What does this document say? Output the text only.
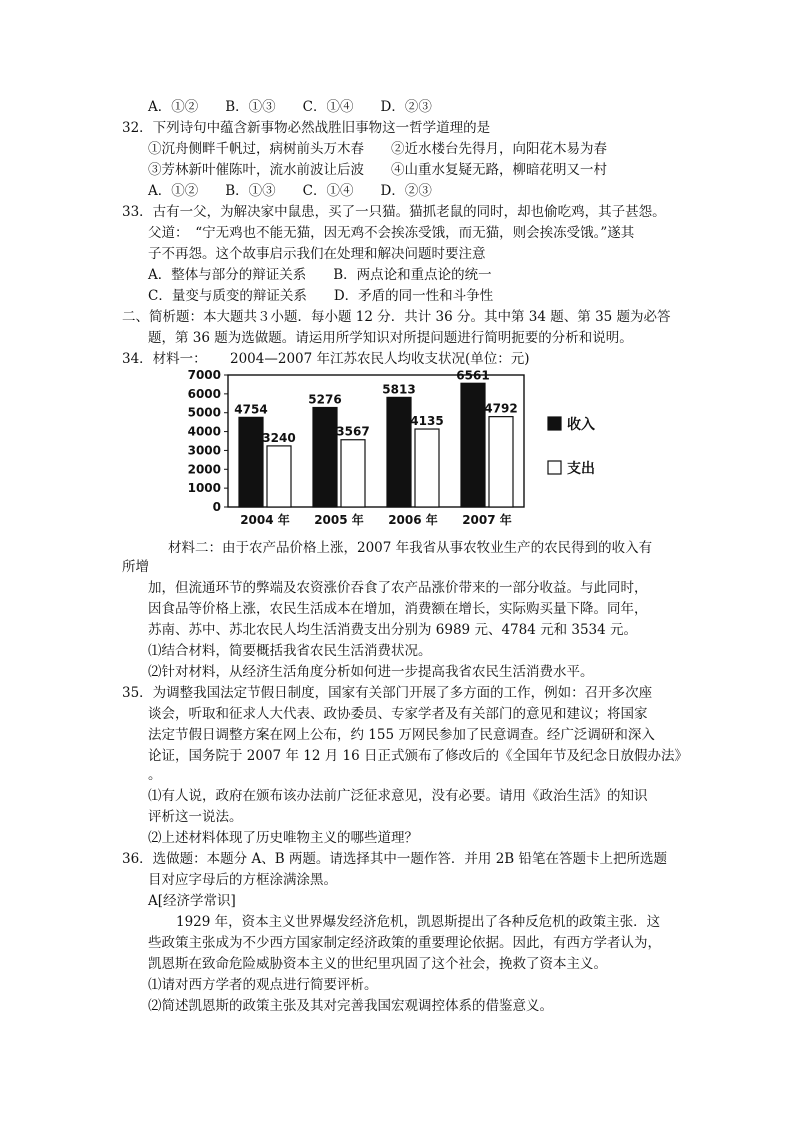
A．①②　　B．①③　　C．①④　　D．②③
32．下列诗句中蕴含新事物必然战胜旧事物这一哲学道理的是
①沉舟侧畔千帆过，病树前头万木春　　②近水楼台先得月，向阳花木易为春
③芳林新叶催陈叶，流水前波让后波　　④山重水复疑无路，柳暗花明又一村
A．①②　　B．①③　　C．①④　　D．②③
33．古有一父，为解决家中鼠患，买了一只猫。猫抓老鼠的同时，却也偷吃鸡，其子甚怨。
父道：　“宁无鸡也不能无猫，因无鸡不会挨冻受饿，而无猫，则会挨冻受饿。”遂其
子不再怨。这个故事启示我们在处理和解决问题时要注意
A．整体与部分的辩证关系　　B．两点论和重点论的统一
C．量变与质变的辩证关系　　D．矛盾的同一性和斗争性
二、简析题：本大题共３小题．每小题 12 分．共计 36 分。其中第 34 题、第 35 题为必答
题，第 36 题为选做题。请运用所学知识对所提问题进行简明扼要的分析和说明。
34．材料一： 2004—2007 年江苏农民人均收支状况(单位：元)
0
1000
2000
3000
4000
5000
6000
7000
4754
3240
2004 年
5276
3567
2005 年
5813
4135
2006 年
6561
4792
2007 年
收入
支出
材料二：由于农产品价格上涨，2007 年我省从事农牧业生产的农民得到的收入有
所增
加，但流通环节的弊端及农资涨价吞食了农产品涨价带来的一部分收益。与此同时，
因食品等价格上涨，农民生活成本在增加，消费额在增长，实际购买量下降。同年，
苏南、苏中、苏北农民人均生活消费支出分别为 6989 元、4784 元和 3534 元。
⑴结合材料，简要概括我省农民生活消费状况。
⑵针对材料，从经济生活角度分析如何进一步提高我省农民生活消费水平。
35．为调整我国法定节假日制度，国家有关部门开展了多方面的工作，例如：召开多次座
谈会，听取和征求人大代表、政协委员、专家学者及有关部门的意见和建议；将国家
法定节假日调整方案在网上公布，约 155 万网民参加了民意调查。经广泛调研和深入
论证，国务院于 2007 年 12 月 16 日正式颁布了修改后的《全国年节及纪念日放假办法》
。
⑴有人说，政府在颁布该办法前广泛征求意见，没有必要。请用《政治生活》的知识
评析这一说法。
⑵上述材料体现了历史唯物主义的哪些道理？
36．选做题：本题分 A、B 两题。请选择其中一题作答．并用 2B 铅笔在答题卡上把所选题
目对应字母后的方框涂满涂黑。
A[经济学常识]
1929 年，资本主义世界爆发经济危机，凯恩斯提出了各种反危机的政策主张．这
些政策主张成为不少西方国家制定经济政策的重要理论依据。因此，有西方学者认为，
凯恩斯在致命危险威胁资本主义的世纪里巩固了这个社会，挽救了资本主义。
⑴请对西方学者的观点进行简要评析。
⑵简述凯恩斯的政策主张及其对完善我国宏观调控体系的借鉴意义。
